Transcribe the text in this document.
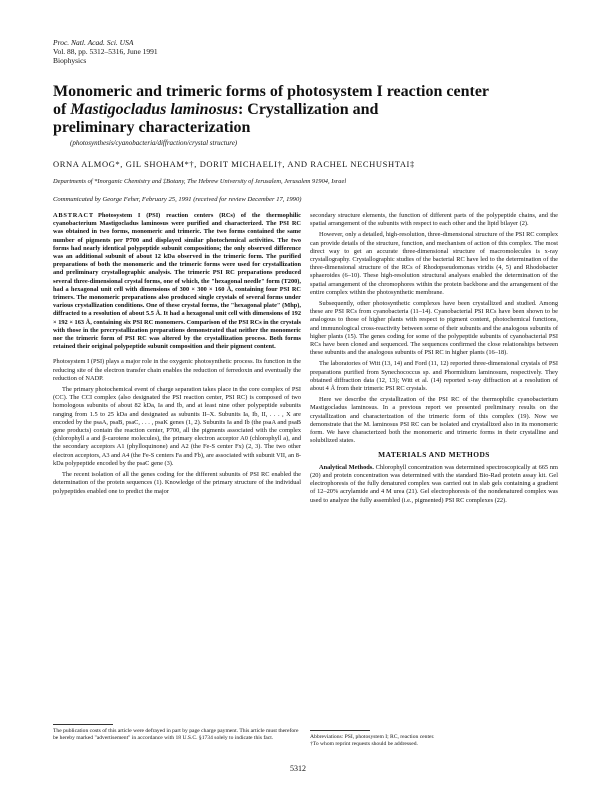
Proc. Natl. Acad. Sci. USA
Vol. 88, pp. 5312–5316, June 1991
Biophysics
Monomeric and trimeric forms of photosystem I reaction center
of Mastigocladus laminosus: Crystallization and
preliminary characterization
(photosynthesis/cyanobacteria/diffraction/crystal structure)
ORNA ALMOG*, GIL SHOHAM*†, DORIT MICHAELI†, AND RACHEL NECHUSHTAI‡
Departments of *Inorganic Chemistry and ‡Botany, The Hebrew University of Jerusalem, Jerusalem 91904, Israel
Communicated by George Feher, February 25, 1991 (received for review December 17, 1990)

ABSTRACT Photosystem I (PSI) reaction centers (RCs) of the thermophilic cyanobacterium Mastigocladus laminosus were purified and characterized. The PSI RC was obtained in two forms, monomeric and trimeric. The two forms contained the same number of pigments per P700 and displayed similar photochemical activities. The two forms had nearly identical polypeptide subunit compositions; the only observed difference was an additional subunit of about 12 kDa observed in the trimeric form. The purified preparations of both the monomeric and the trimeric forms were used for crystallization and preliminary crystallographic analysis. The trimeric PSI RC preparations produced several three-dimensional crystal forms, one of which, the "hexagonal needle" form (T200), had a hexagonal unit cell with dimensions of 300 × 300 × 160 Å, containing four PSI RC trimers. The monomeric preparations also produced single crystals of several forms under various crystallization conditions. One of these crystal forms, the "hexagonal plate" (Mhp), diffracted to a resolution of about 5.5 Å. It had a hexagonal unit cell with dimensions of 192 × 192 × 163 Å, containing six PSI RC monomers. Comparison of the PSI RCs in the crystals with those in the precrystallization preparations demonstrated that neither the monomeric nor the trimeric form of PSI RC was altered by the crystallization process. Both forms retained their original polypeptide subunit composition and their pigment content.

Photosystem I (PSI) plays a major role in the oxygenic photosynthetic process. Its function in the reducing site of the electron transfer chain enables the reduction of ferredoxin and eventually the reduction of NADP.

The primary photochemical event of charge separation takes place in the core complex of PSI (CC). The CCI complex (also designated the PSI reaction center, PSI RC) is composed of two homologous subunits of about 82 kDa, Ia and Ib, and at least nine other polypeptide subunits ranging from 1.5 to 25 kDa and designated as subunits II–X. Subunits Ia, Ib, II, . . . , X are encoded by the psaA, psaB, psaC, . . . , psaK genes (1, 2). Subunits Ia and Ib (the psaA and psaB gene products) contain the reaction center, P700, all the pigments associated with the complex (chlorophyll a and β-carotene molecules), the primary electron acceptor A0 (chlorophyll a), and the secondary acceptors A1 (phylloquinone) and A2 (the Fe-S center Fx) (2, 3). The two other electron acceptors, A3 and A4 (the Fe-S centers Fa and Fb), are associated with subunit VII, an 8-kDa polypeptide encoded by the psaC gene (3).

The recent isolation of all the genes coding for the different subunits of PSI RC enabled the determination of the protein sequences (1). Knowledge of the primary structure of the individual polypeptides enabled one to predict the major

secondary structure elements, the function of different parts of the polypeptide chains, and the spatial arrangement of the subunits with respect to each other and the lipid bilayer (2).

However, only a detailed, high-resolution, three-dimensional structure of the PSI RC complex can provide details of the structure, function, and mechanism of action of this complex. The most direct way to get an accurate three-dimensional structure of macromolecules is x-ray crystallography. Crystallographic studies of the bacterial RC have led to the determination of the three-dimensional structure of the RCs of Rhodopseudomonas viridis (4, 5) and Rhodobacter sphaeroides (6–10). These high-resolution structural analyses enabled the determination of the spatial arrangement of the chromophores within the protein backbone and the arrangement of the entire complex within the photosynthetic membrane.

Subsequently, other photosynthetic complexes have been crystallized and studied. Among these are PSI RCs from cyanobacteria (11–14). Cyanobacterial PSI RCs have been shown to be analogous to those of higher plants with respect to pigment content, photochemical functions, and immunological cross-reactivity between some of their subunits and the analogous subunits of higher plants (15). The genes coding for some of the polypeptide subunits of cyanobacterial PSI RCs have been cloned and sequenced. The sequences confirmed the close relationships between these subunits and the analogous subunits of PSI RC in higher plants (16–18).

The laboratories of Witt (13, 14) and Ford (11, 12) reported three-dimensional crystals of PSI preparations purified from Synechococcus sp. and Phormidium laminosum, respectively. They obtained diffraction data (12, 13); Witt et al. (14) reported x-ray diffraction at a resolution of about 4 Å from their trimeric PSI RC crystals.

Here we describe the crystallization of the PSI RC of the thermophilic cyanobacterium Mastigocladus laminosus. In a previous report we presented preliminary results on the crystallization and characterization of the trimeric form of this complex (19). Now we demonstrate that the M. laminosus PSI RC can be isolated and crystallized also in its monomeric form. We have characterized both the monomeric and trimeric forms in their crystalline and solubilized states.

MATERIALS AND METHODS

Analytical Methods. Chlorophyll concentration was determined spectroscopically at 665 nm (20) and protein concentration was determined with the standard Bio-Rad protein assay kit. Gel electrophoresis of the fully denatured complex was carried out in slab gels containing a gradient of 12–20% acrylamide and 4 M urea (21). Gel electrophoresis of the nondenatured complex was used to analyze the fully assembled (i.e., pigmented) PSI RC complexes (22).

The publication costs of this article were defrayed in part by page charge payment. This article must therefore be hereby marked "advertisement" in accordance with 18 U.S.C. §1734 solely to indicate this fact.	Abbreviations: PSI, photosystem I; RC, reaction center.
†To whom reprint requests should be addressed.
5312
